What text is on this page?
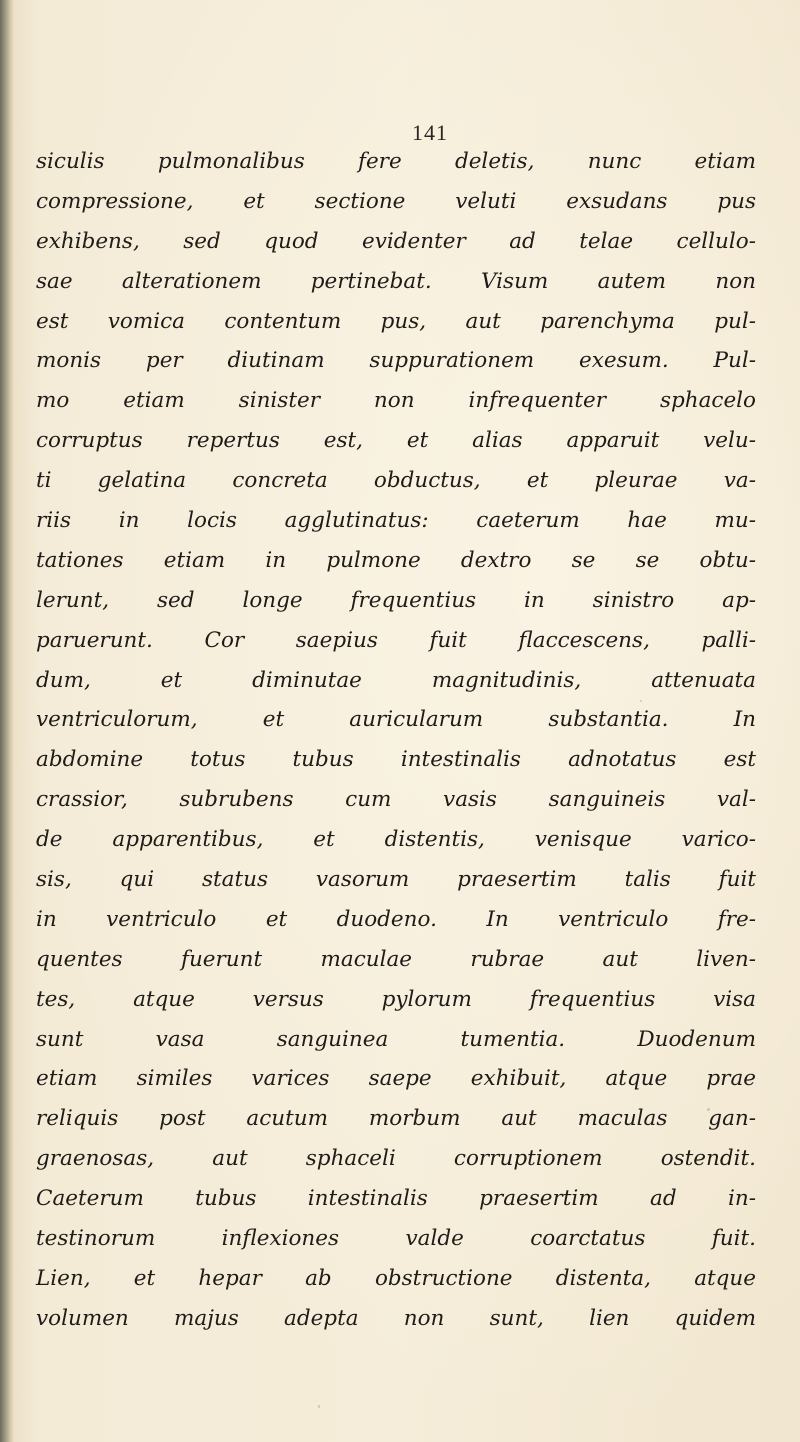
141
siculis pulmonalibus fere deletis, nunc etiam
compressione, et sectione veluti exsudans pus
exhibens, sed quod evidenter ad telae cellulo-
sae alterationem pertinebat. Visum autem non
est vomica contentum pus, aut parenchyma pul-
monis per diutinam suppurationem exesum. Pul-
mo etiam sinister non infrequenter sphacelo
corruptus repertus est, et alias apparuit velu-
ti gelatina concreta obductus, et pleurae va-
riis in locis agglutinatus: caeterum hae mu-
tationes etiam in pulmone dextro se se obtu-
lerunt, sed longe frequentius in sinistro ap-
paruerunt. Cor saepius fuit flaccescens, palli-
dum, et diminutae magnitudinis, attenuata
ventriculorum, et auricularum substantia. In
abdomine totus tubus intestinalis adnotatus est
crassior, subrubens cum vasis sanguineis val-
de apparentibus, et distentis, venisque varico-
sis, qui status vasorum praesertim talis fuit
in ventriculo et duodeno. In ventriculo fre-
quentes fuerunt maculae rubrae aut liven-
tes, atque versus pylorum frequentius visa
sunt vasa sanguinea tumentia. Duodenum
etiam similes varices saepe exhibuit, atque prae
reliquis post acutum morbum aut maculas gan-
graenosas, aut sphaceli corruptionem ostendit.
Caeterum tubus intestinalis praesertim ad in-
testinorum inflexiones valde coarctatus fuit.
Lien, et hepar ab obstructione distenta, atque
volumen majus adepta non sunt, lien quidem
